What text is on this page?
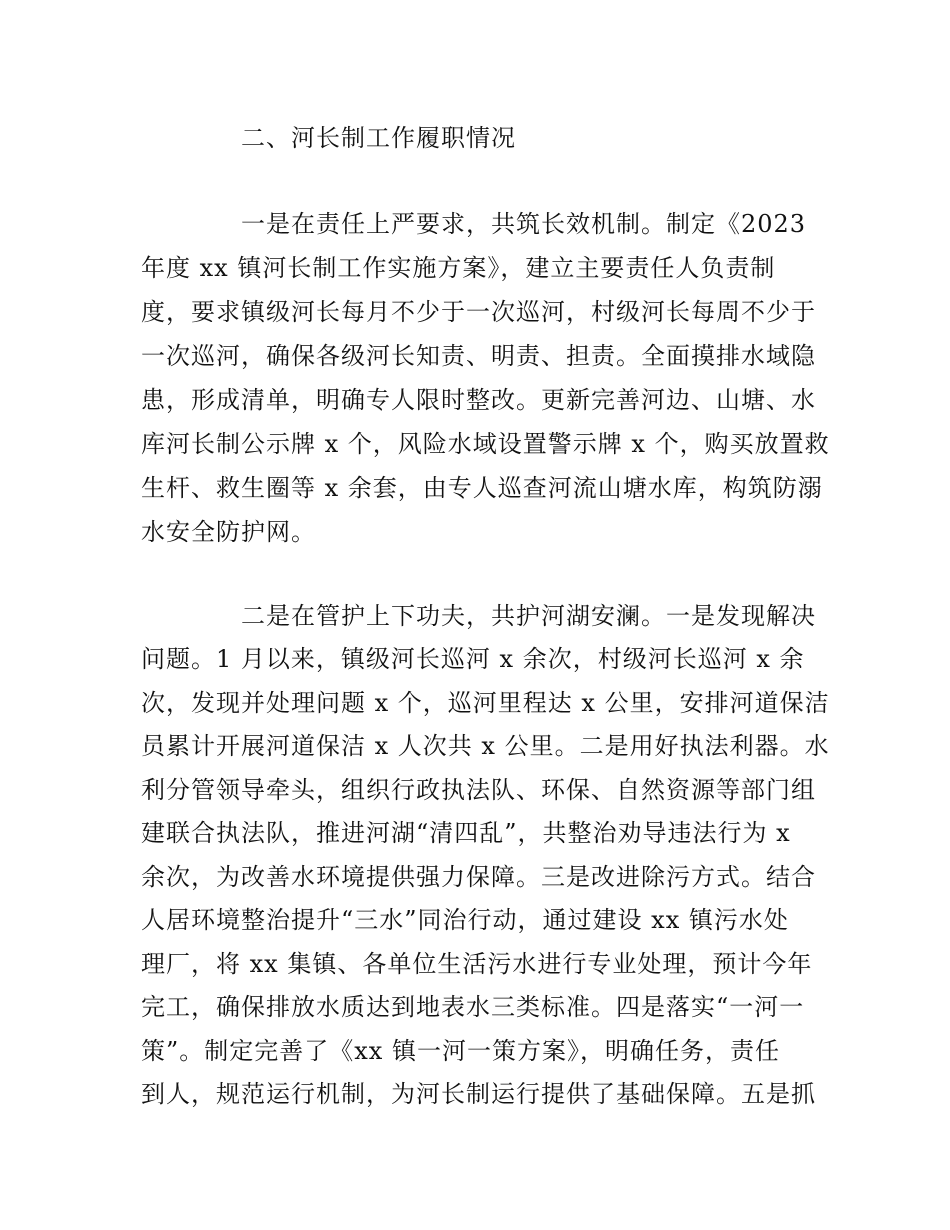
二、河长制工作履职情况
一是在责任上严要求，共筑长效机制。制定《2023
年度 xx 镇河长制工作实施方案》，建立主要责任人负责制
度，要求镇级河长每月不少于一次巡河，村级河长每周不少于
一次巡河，确保各级河长知责、明责、担责。全面摸排水域隐
患，形成清单，明确专人限时整改。更新完善河边、山塘、水
库河长制公示牌 x 个，风险水域设置警示牌 x 个，购买放置救
生杆、救生圈等 x 余套，由专人巡查河流山塘水库，构筑防溺
水安全防护网。
二是在管护上下功夫，共护河湖安澜。一是发现解决
问题。1 月以来，镇级河长巡河 x 余次，村级河长巡河 x 余
次，发现并处理问题 x 个，巡河里程达 x 公里，安排河道保洁
员累计开展河道保洁 x 人次共 x 公里。二是用好执法利器。水
利分管领导牵头，组织行政执法队、环保、自然资源等部门组
建联合执法队，推进河湖“清四乱”，共整治劝导违法行为 x
余次，为改善水环境提供强力保障。三是改进除污方式。结合
人居环境整治提升“三水”同治行动，通过建设 xx 镇污水处
理厂，将 xx 集镇、各单位生活污水进行专业处理，预计今年
完工，确保排放水质达到地表水三类标准。四是落实“一河一
策”。制定完善了《xx 镇一河一策方案》，明确任务，责任
到人，规范运行机制，为河长制运行提供了基础保障。五是抓
